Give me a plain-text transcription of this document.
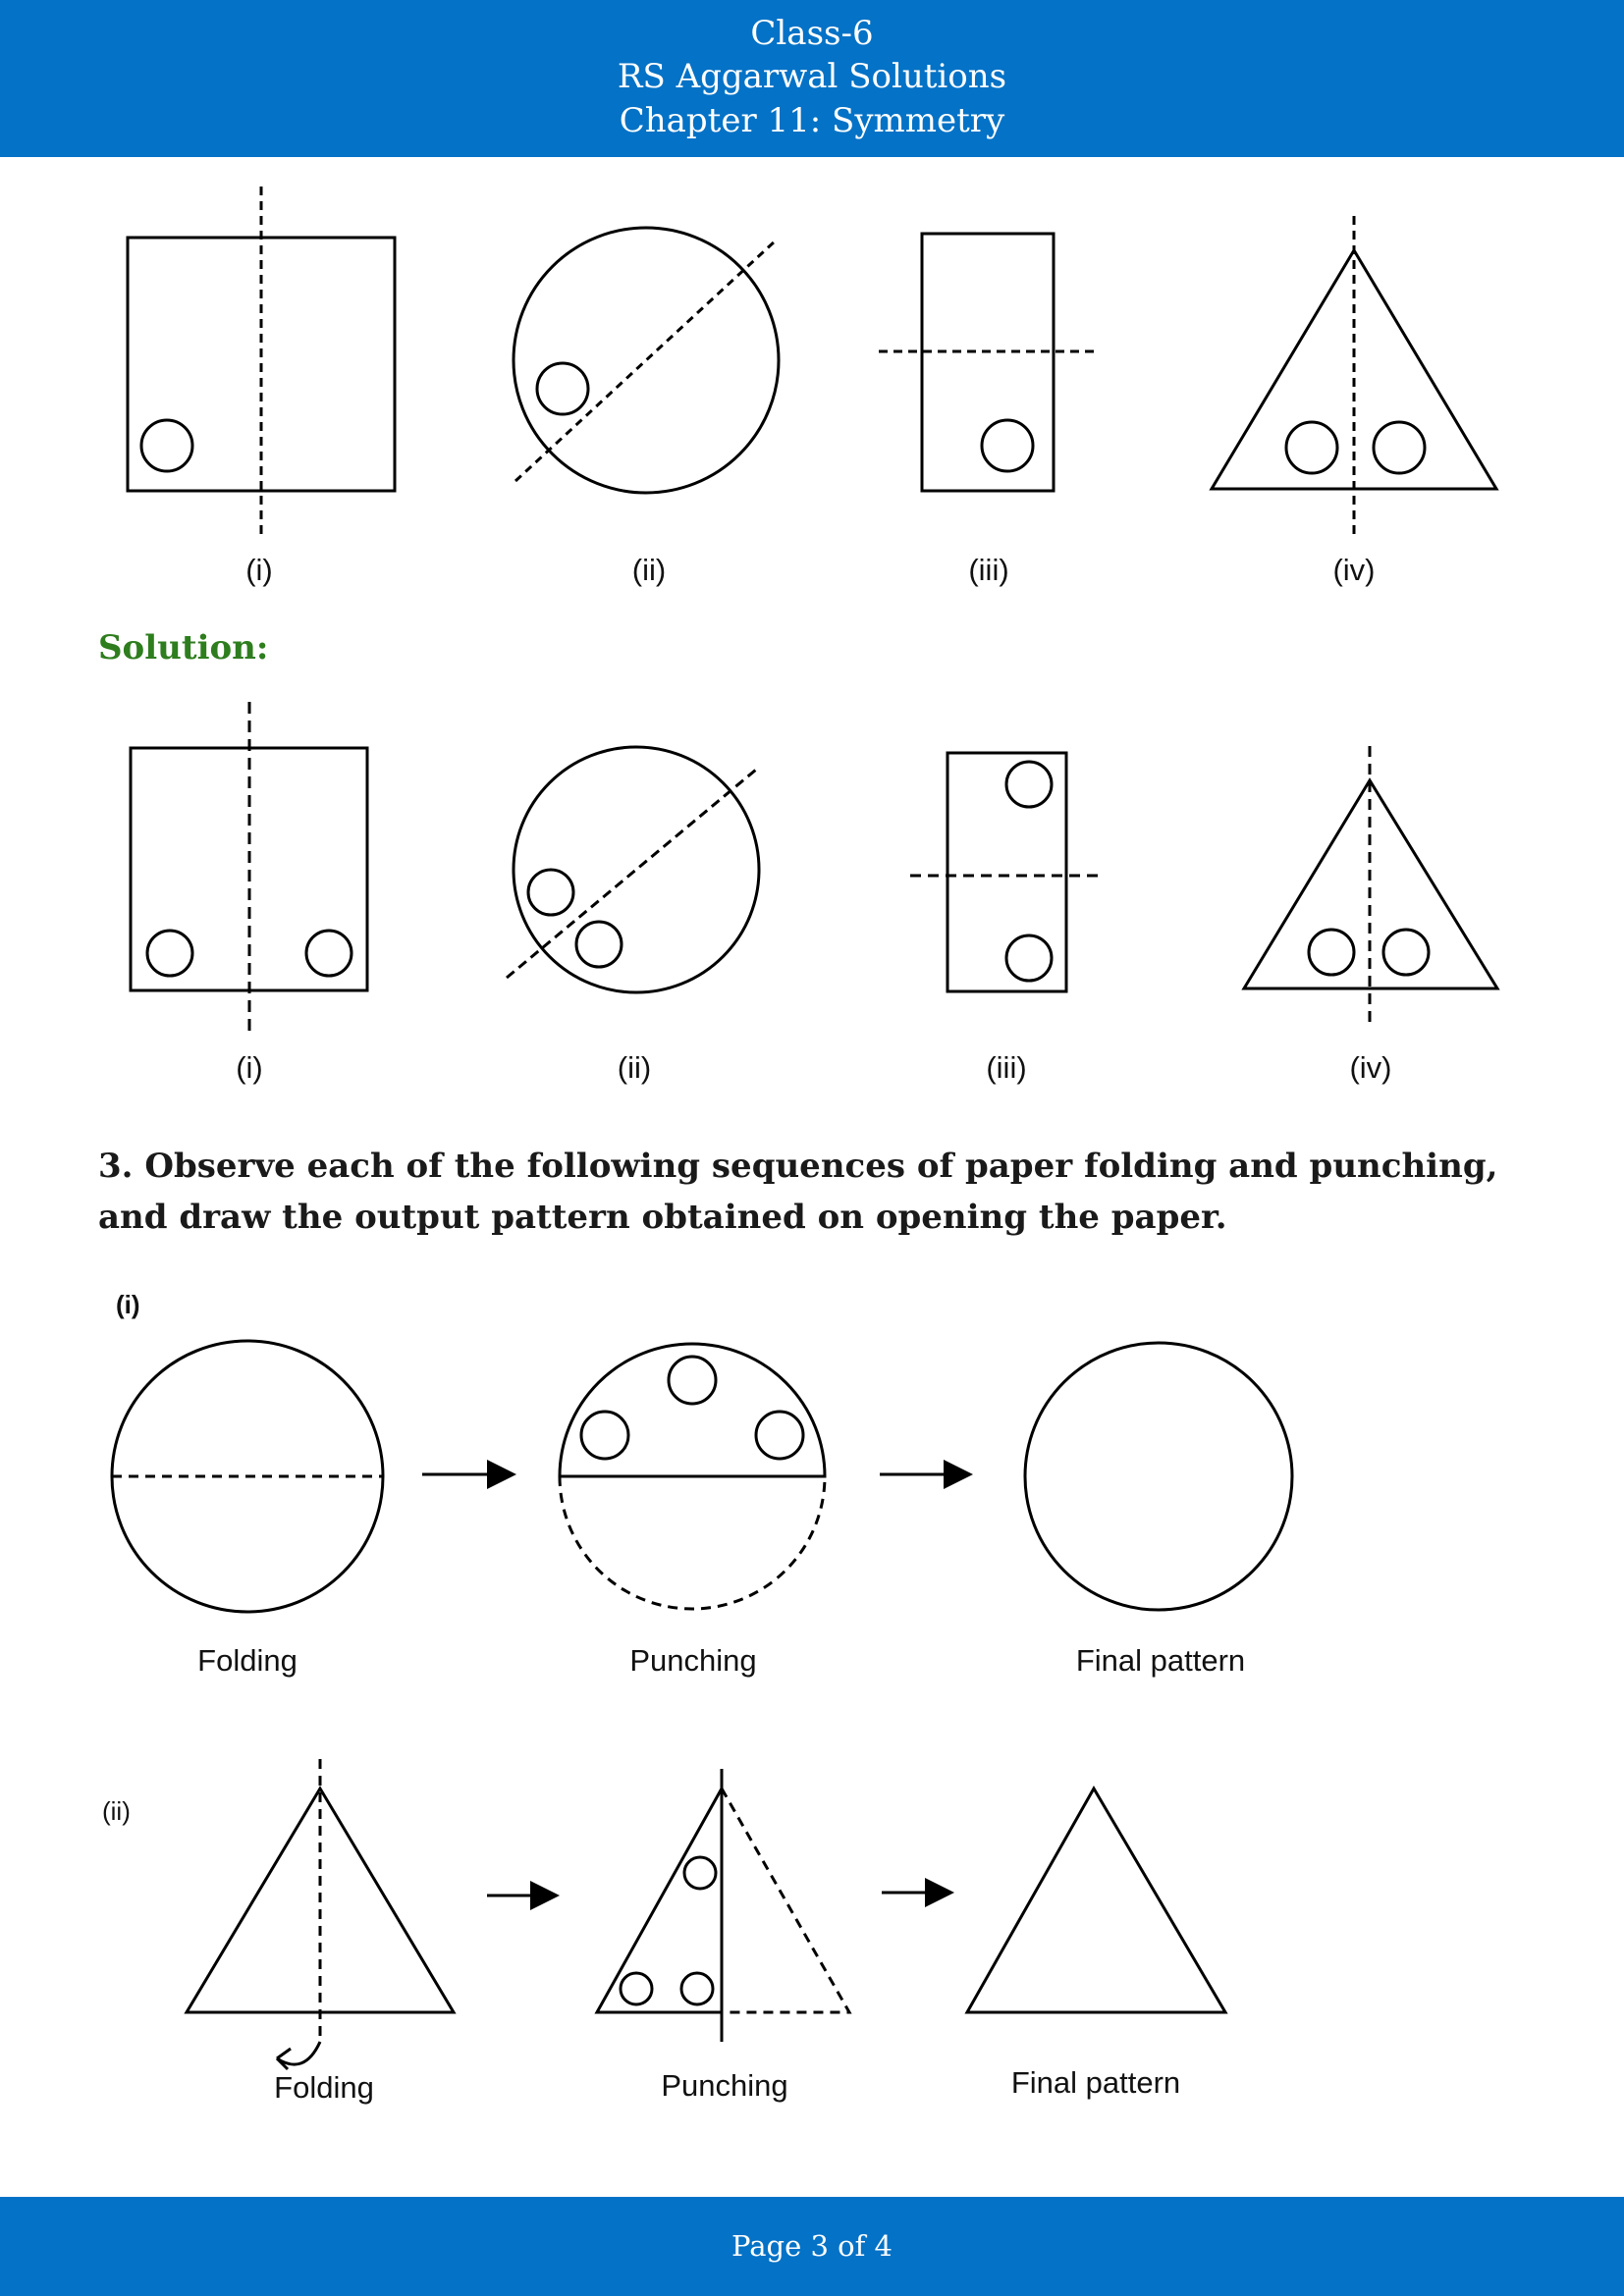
Class-6
RS Aggarwal Solutions
Chapter 11: Symmetry
(i)	(ii)	(iii)	(iv)
Solution:
(i)	(ii)	(iii)	(iv)
3. Observe each of the following sequences of paper folding and punching, and draw the output pattern obtained on opening the paper.
(i)
Folding	Punching	Final pattern
(ii)
Folding	Punching	Final pattern
Page 3 of 4
